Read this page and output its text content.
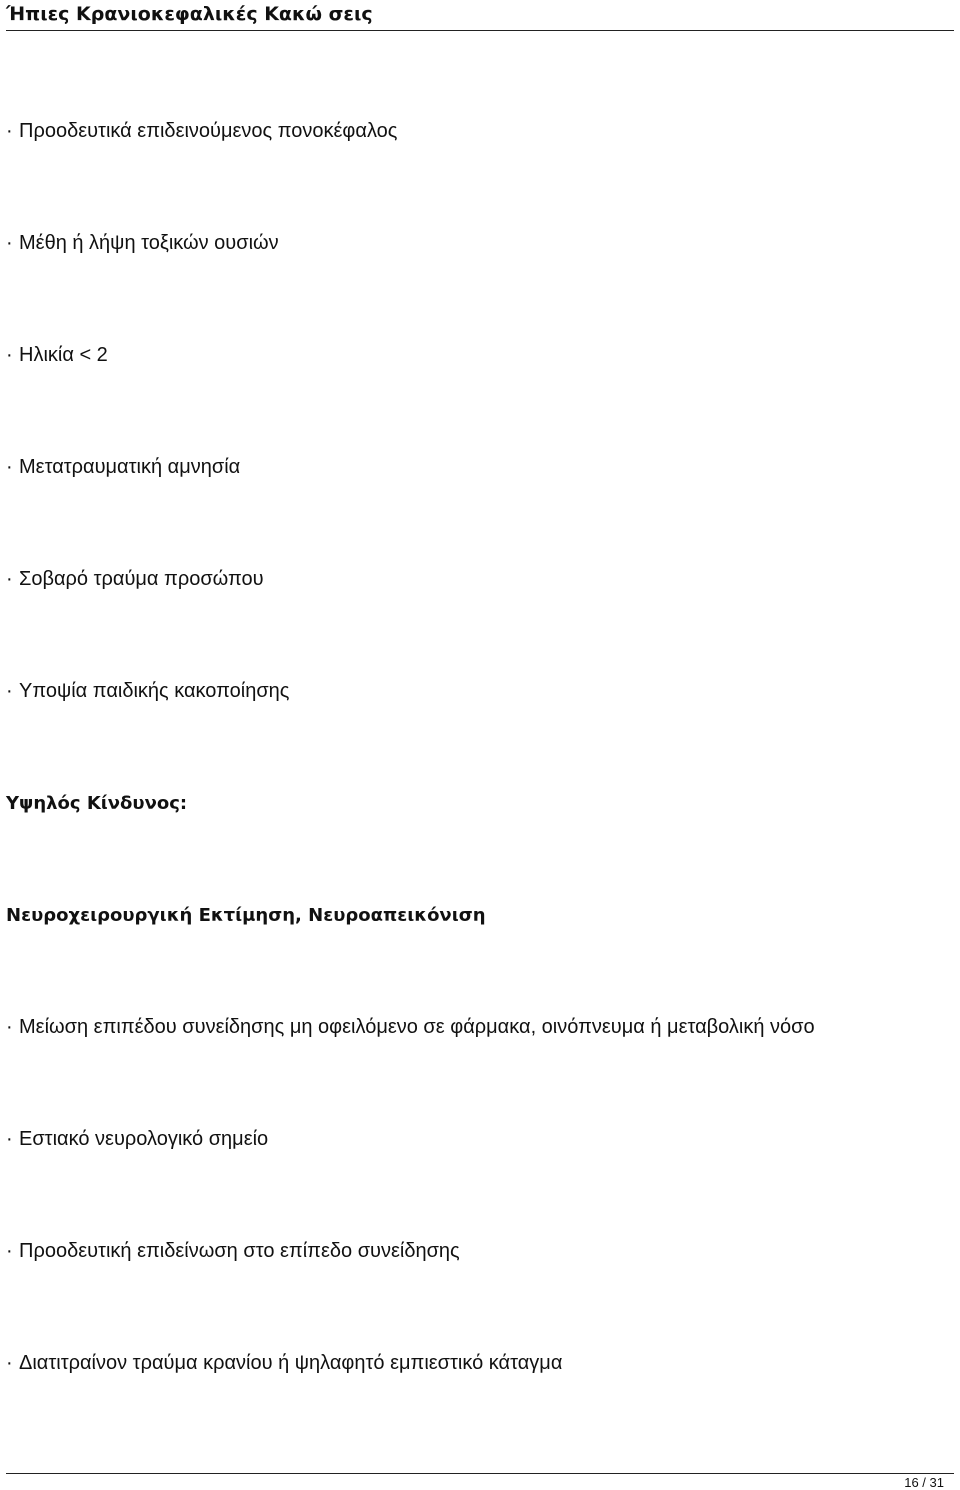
Ήπιες Κρανιοκεφαλικές Κακώ σεις
· Προοδευτικά επιδεινούμενος πονοκέφαλος
· Μέθη ή λήψη τοξικών ουσιών
· Ηλικία < 2
· Μετατραυματική αμνησία
· Σοβαρό τραύμα προσώπου
· Υποψία παιδικής κακοποίησης
Υψηλός Κίνδυνος:
Νευροχειρουργική Εκτίμηση, Νευροαπεικόνιση
· Μείωση επιπέδου συνείδησης μη οφειλόμενο σε φάρμακα, οινόπνευμα ή μεταβολική νόσο
· Εστιακό νευρολογικό σημείο
· Προοδευτική επιδείνωση στο επίπεδο συνείδησης
· Διατιτραίνον τραύμα κρανίου ή ψηλαφητό εμπιεστικό κάταγμα
16 / 31
